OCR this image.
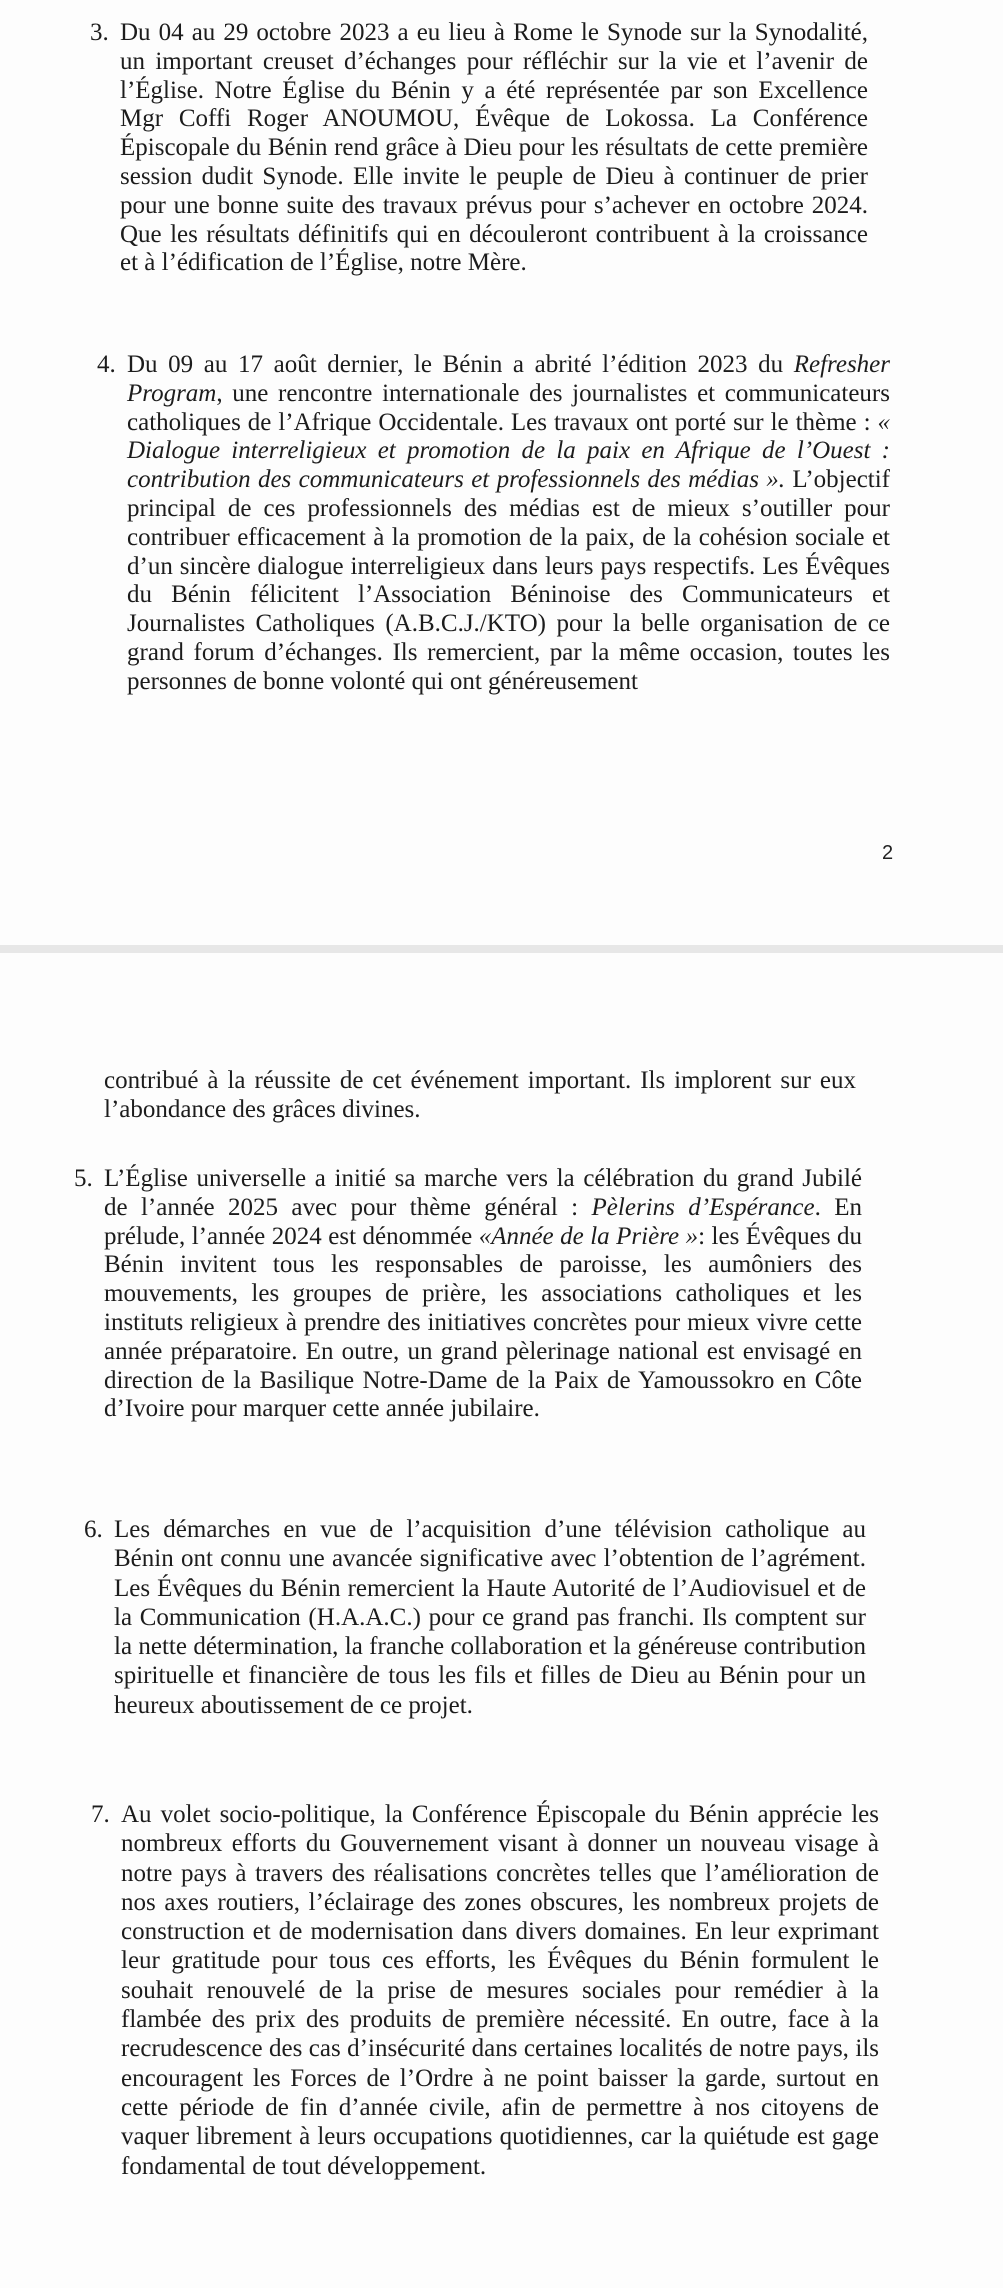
3. Du 04 au 29 octobre 2023 a eu lieu à Rome le Synode sur la Synodalité, un important creuset d’échanges pour réfléchir sur la vie et l’avenir de l’Église. Notre Église du Bénin y a été représentée par son Excellence Mgr Coffi Roger ANOUMOU, Évêque de Lokossa. La Conférence Épiscopale du Bénin rend grâce à Dieu pour les résultats de cette première session dudit Synode. Elle invite le peuple de Dieu à continuer de prier pour une bonne suite des travaux prévus pour s’achever en octobre 2024. Que les résultats définitifs qui en découleront contribuent à la croissance et à l’édification de l’Église, notre Mère.
4. Du 09 au 17 août dernier, le Bénin a abrité l’édition 2023 du Refresher Program, une rencontre internationale des journalistes et communicateurs catholiques de l’Afrique Occidentale. Les travaux ont porté sur le thème : « Dialogue interreligieux et promotion de la paix en Afrique de l’Ouest : contribution des communicateurs et professionnels des médias ». L’objectif principal de ces professionnels des médias est de mieux s’outiller pour contribuer efficacement à la promotion de la paix, de la cohésion sociale et d’un sincère dialogue interreligieux dans leurs pays respectifs. Les Évêques du Bénin félicitent l’Association Béninoise des Communicateurs et Journalistes Catholiques (A.B.C.J./KTO) pour la belle organisation de ce grand forum d’échanges. Ils remercient, par la même occasion, toutes les personnes de bonne volonté qui ont généreusement
2
contribué à la réussite de cet événement important. Ils implorent sur eux l’abondance des grâces divines.
5. L’Église universelle a initié sa marche vers la célébration du grand Jubilé de l’année 2025 avec pour thème général : Pèlerins d’Espérance. En prélude, l’année 2024 est dénommée «Année de la Prière »: les Évêques du Bénin invitent tous les responsables de paroisse, les aumôniers des mouvements, les groupes de prière, les associations catholiques et les instituts religieux à prendre des initiatives concrètes pour mieux vivre cette année préparatoire. En outre, un grand pèlerinage national est envisagé en direction de la Basilique Notre-Dame de la Paix de Yamoussokro en Côte d’Ivoire pour marquer cette année jubilaire.
6. Les démarches en vue de l’acquisition d’une télévision catholique au Bénin ont connu une avancée significative avec l’obtention de l’agrément. Les Évêques du Bénin remercient la Haute Autorité de l’Audiovisuel et de la Communication (H.A.A.C.) pour ce grand pas franchi. Ils comptent sur la nette détermination, la franche collaboration et la généreuse contribution spirituelle et financière de tous les fils et filles de Dieu au Bénin pour un heureux aboutissement de ce projet.
7. Au volet socio-politique, la Conférence Épiscopale du Bénin apprécie les nombreux efforts du Gouvernement visant à donner un nouveau visage à notre pays à travers des réalisations concrètes telles que l’amélioration de nos axes routiers, l’éclairage des zones obscures, les nombreux projets de construction et de modernisation dans divers domaines. En leur exprimant leur gratitude pour tous ces efforts, les Évêques du Bénin formulent le souhait renouvelé de la prise de mesures sociales pour remédier à la flambée des prix des produits de première nécessité. En outre, face à la recrudescence des cas d’insécurité dans certaines localités de notre pays, ils encouragent les Forces de l’Ordre à ne point baisser la garde, surtout en cette période de fin d’année civile, afin de permettre à nos citoyens de vaquer librement à leurs occupations quotidiennes, car la quiétude est gage fondamental de tout développement.
